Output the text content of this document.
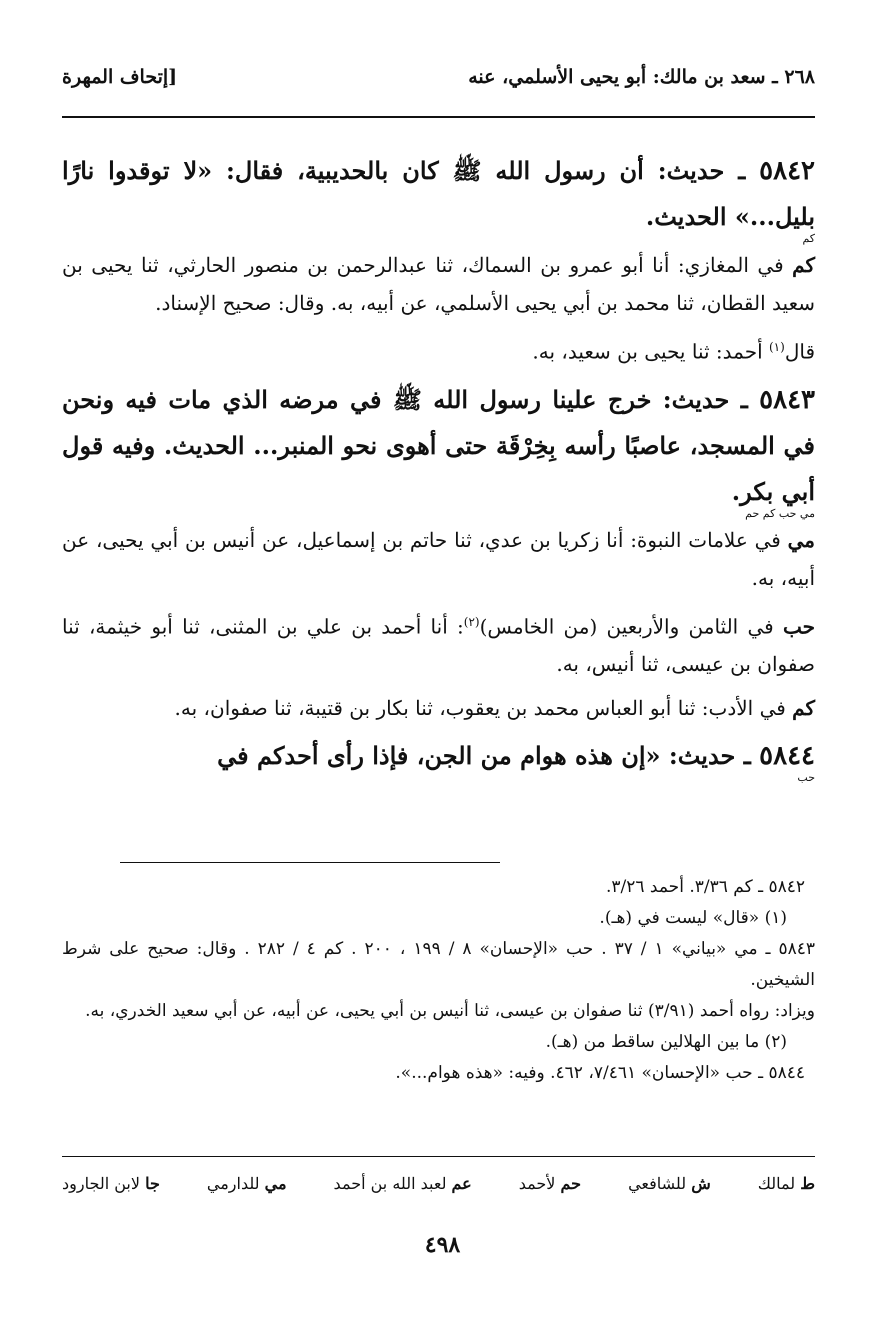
٢٦٨ ـ سعد بن مالك: أبو يحيى الأسلمي، عنه
[إتحاف المهرة

٥٨٤٢ ـ حديث: أن رسول الله ﷺ كان بالحديبية، فقال: «لا توقدوا نارًا بليل...» الحديث.

كم

كم في المغازي: أنا أبو عمرو بن السماك، ثنا عبدالرحمن بن منصور الحارثي، ثنا يحيى بن سعيد القطان، ثنا محمد بن أبي يحيى الأسلمي، عن أبيه، به. وقال: صحيح الإسناد.

قال$^{(١)}$ أحمد: ثنا يحيى بن سعيد، به.

٥٨٤٣ ـ حديث: خرج علينا رسول الله ﷺ في مرضه الذي مات فيه ونحن في المسجد، عاصبًا رأسه بِخِرْقَة حتى أهوى نحو المنبر... الحديث. وفيه قول أبي بكر.

مي حب كم حم

مي في علامات النبوة: أنا زكريا بن عدي، ثنا حاتم بن إسماعيل، عن أنيس بن أبي يحيى، عن أبيه، به.

حب في الثامن والأربعين (من الخامس)$^{(٢)}$: أنا أحمد بن علي بن المثنى، ثنا أبو خيثمة، ثنا صفوان بن عيسى، ثنا أنيس، به.

كم في الأدب: ثنا أبو العباس محمد بن يعقوب، ثنا بكار بن قتيبة، ثنا صفوان، به.

٥٨٤٤ ـ حديث: «إن هذه هوام من الجن، فإذا رأى أحدكم في

حب
٥٨٤٢ ـ كم ٣/٣٦. أحمد ٣/٢٦.
(١) «قال» ليست في (هـ).
٥٨٤٣ ـ مي «بياني» ١ / ٣٧ . حب «الإحسان» ٨ / ١٩٩ ، ٢٠٠ . كم ٤ / ٢٨٢ . وقال: صحيح على شرط الشيخين.
ويزاد: رواه أحمد (٣/٩١) ثنا صفوان بن عيسى، ثنا أنيس بن أبي يحيى، عن أبيه، عن أبي سعيد الخدري، به.
(٢) ما بين الهلالين ساقط من (هـ).
٥٨٤٤ ـ حب «الإحسان» ٧/٤٦١، ٤٦٢. وفيه: «هذه هوام...».
ط لمالك
ش للشافعي
حم لأحمد
عم لعبد الله بن أحمد
مي للدارمي
جا لابن الجارود
٤٩٨
